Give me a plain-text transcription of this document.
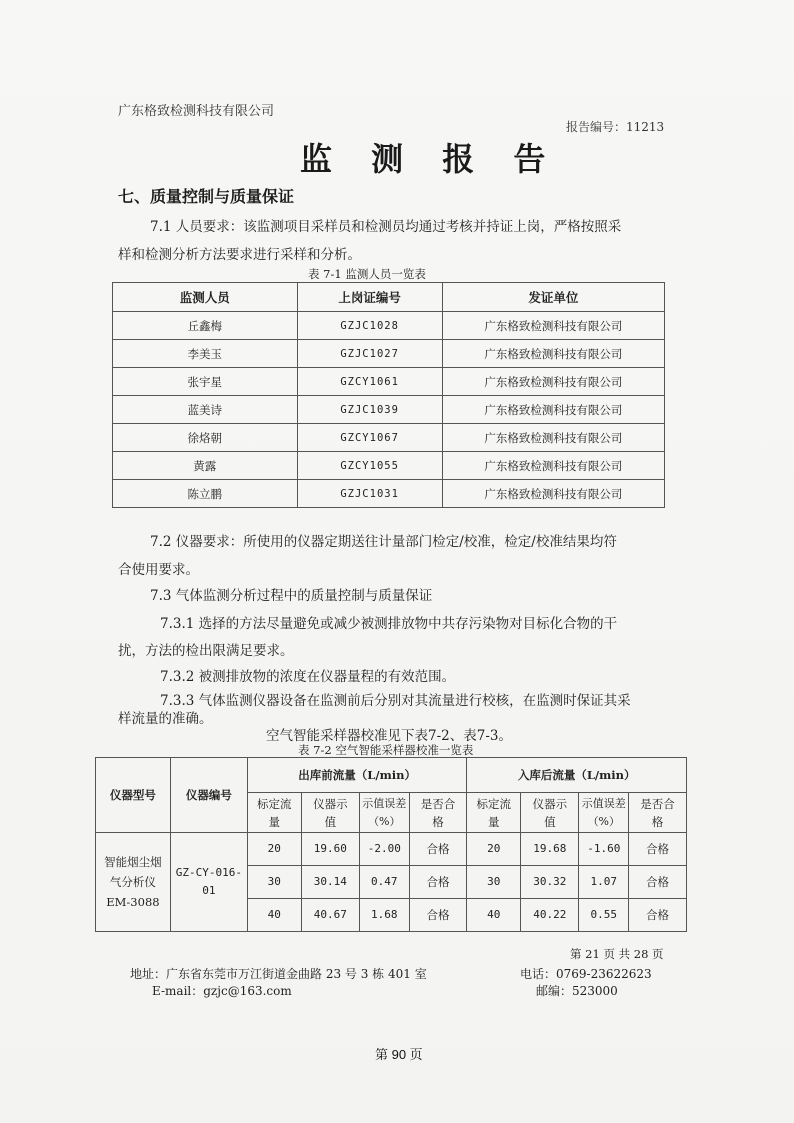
广东格致检测科技有限公司
报告编号：11213
监 测 报 告
七、质量控制与质量保证
7.1 人员要求：该监测项目采样员和检测员均通过考核并持证上岗，严格按照采
样和检测分析方法要求进行采样和分析。
表 7-1 监测人员一览表
监测人员	上岗证编号	发证单位
丘鑫梅	GZJC1028	广东格致检测科技有限公司
李美玉	GZJC1027	广东格致检测科技有限公司
张宇星	GZCY1061	广东格致检测科技有限公司
蓝美诗	GZJC1039	广东格致检测科技有限公司
徐烙朝	GZCY1067	广东格致检测科技有限公司
黄露	GZCY1055	广东格致检测科技有限公司
陈立鹏	GZJC1031	广东格致检测科技有限公司
7.2 仪器要求：所使用的仪器定期送往计量部门检定/校准，检定/校准结果均符
合使用要求。
7.3 气体监测分析过程中的质量控制与质量保证
7.3.1 选择的方法尽量避免或减少被测排放物中共存污染物对目标化合物的干
扰，方法的检出限满足要求。
7.3.2 被测排放物的浓度在仪器量程的有效范围。
7.3.3 气体监测仪器设备在监测前后分别对其流量进行校核，在监测时保证其采
样流量的准确。
空气智能采样器校准见下表7-2、表7-3。
表 7-2 空气智能采样器校准一览表
仪器型号	仪器编号	出库前流量（L/min）				入库后流量（L/min）			
		标定流量	仪器示值	示值误差（%）	是否合格	标定流量	仪器示值	示值误差（%）	是否合格
智能烟尘烟气分析仪 EM-3088	GZ-CY-016-01	20	19.60	-2.00	合格	20	19.68	-1.60	合格
		30	30.14	0.47	合格	30	30.32	1.07	合格
		40	40.67	1.68	合格	40	40.22	0.55	合格
第 21 页 共 28 页
地址：广东省东莞市万江街道金曲路 23 号 3 栋 401 室	电话：0769-23622623
E-mail：gzjc@163.com	邮编：523000
第 90 页
